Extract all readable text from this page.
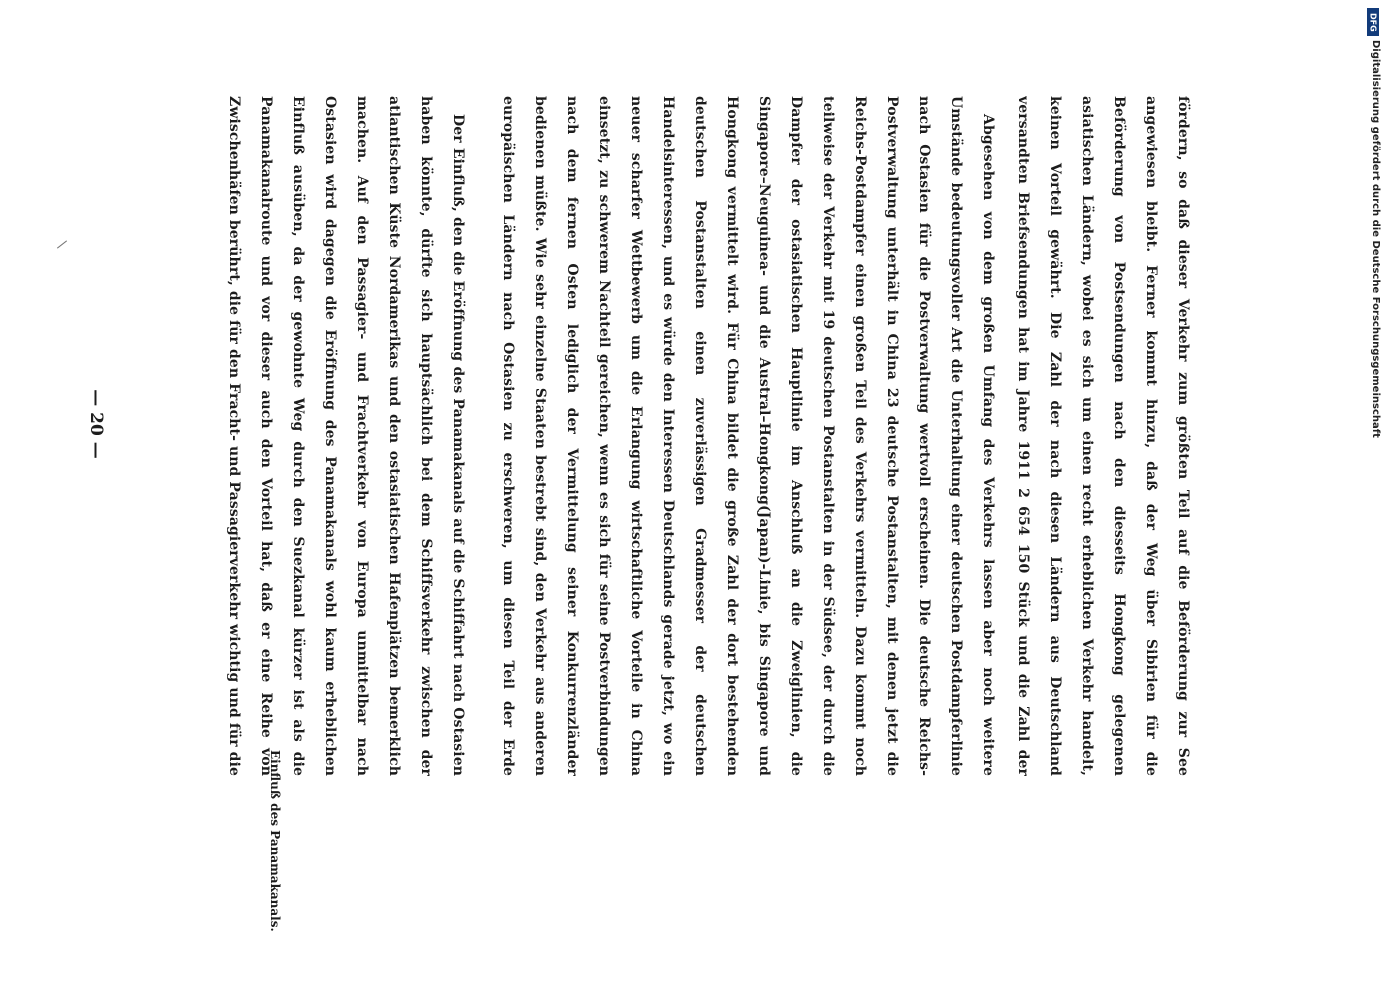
— 20 —
fördern, so daß dieser Verkehr zum größten Teil auf die Beförderung zur See angewiesen bleibt. Ferner kommt hinzu, daß der Weg über Sibirien für die Beförderung von Postsendungen nach den diesseits Hongkong gelegenen asiatischen Ländern, wobei es sich um einen recht erheblichen Verkehr handelt, keinen Vorteil gewährt. Die Zahl der nach diesen Ländern aus Deutschland versandten Briefsendungen hat im Jahre 1911 2 654 150 Stück und die Zahl der
Abgesehen von dem großen Umfang des Verkehrs lassen aber noch weitere Umstände bedeutungsvoller Art die Unterhaltung einer deutschen Postdampferlinie nach Ostasien für die Postverwaltung wertvoll erscheinen. Die deutsche Reichs-Postverwaltung unterhält in China 23 deutsche Postanstalten, mit denen jetzt die Reichs-Postdampfer einen großen Teil des Verkehrs vermitteln. Dazu kommt noch teilweise der Verkehr mit 19 deutschen Postanstalten in der Südsee, der durch die Dampfer der ostasiatischen Hauptlinie im Anschluß an die Zweiglinien, die Singapore–Neuguinea- und die Austral–Hongkong(Japan)-Linie, bis Singapore und Hongkong vermittelt wird. Für China bildet die große Zahl der dort bestehenden deutschen Postanstalten einen zuverlässigen Gradmesser der deutschen Handelsinteressen, und es würde den Interessen Deutschlands gerade jetzt, wo ein neuer scharfer Wettbewerb um die Erlangung wirtschaftliche Vorteile in China einsetzt, zu schwerem Nachteil gereichen, wenn es sich für seine Postverbindungen nach dem fernen Osten lediglich der Vermittelung seiner Konkurrenzländer bedienen müßte. Wie sehr einzelne Staaten bestrebt sind, den Verkehr aus anderen europäischen Ländern nach Ostasien zu erschweren, um diesen Teil der Erde
Der Einfluß, den die Eröffnung des Panamakanals auf die Schiffahrt nach Ostasien haben könnte, dürfte sich hauptsächlich bei dem Schiffsverkehr zwischen der atlantischen Küste Nordamerikas und den ostasiatischen Hafenplätzen bemerklich machen. Auf den Passagier- und Frachtverkehr von Europa unmittelbar nach Ostasien wird dagegen die Eröffnung des Panamakanals wohl kaum erheblichen Einfluß ausüben, da der gewohnte Weg durch den Suezkanal kürzer ist als die Panamakanalroute und vor dieser auch den Vorteil hat, daß er eine Reihe von Zwischenhäfen berührt, die für den Fracht- und Passagierverkehr wichtig und für die	Einfluß des Panamakanals.
DFG
Digitalisierung gefördert durch die Deutsche Forschungsgemeinschaft
